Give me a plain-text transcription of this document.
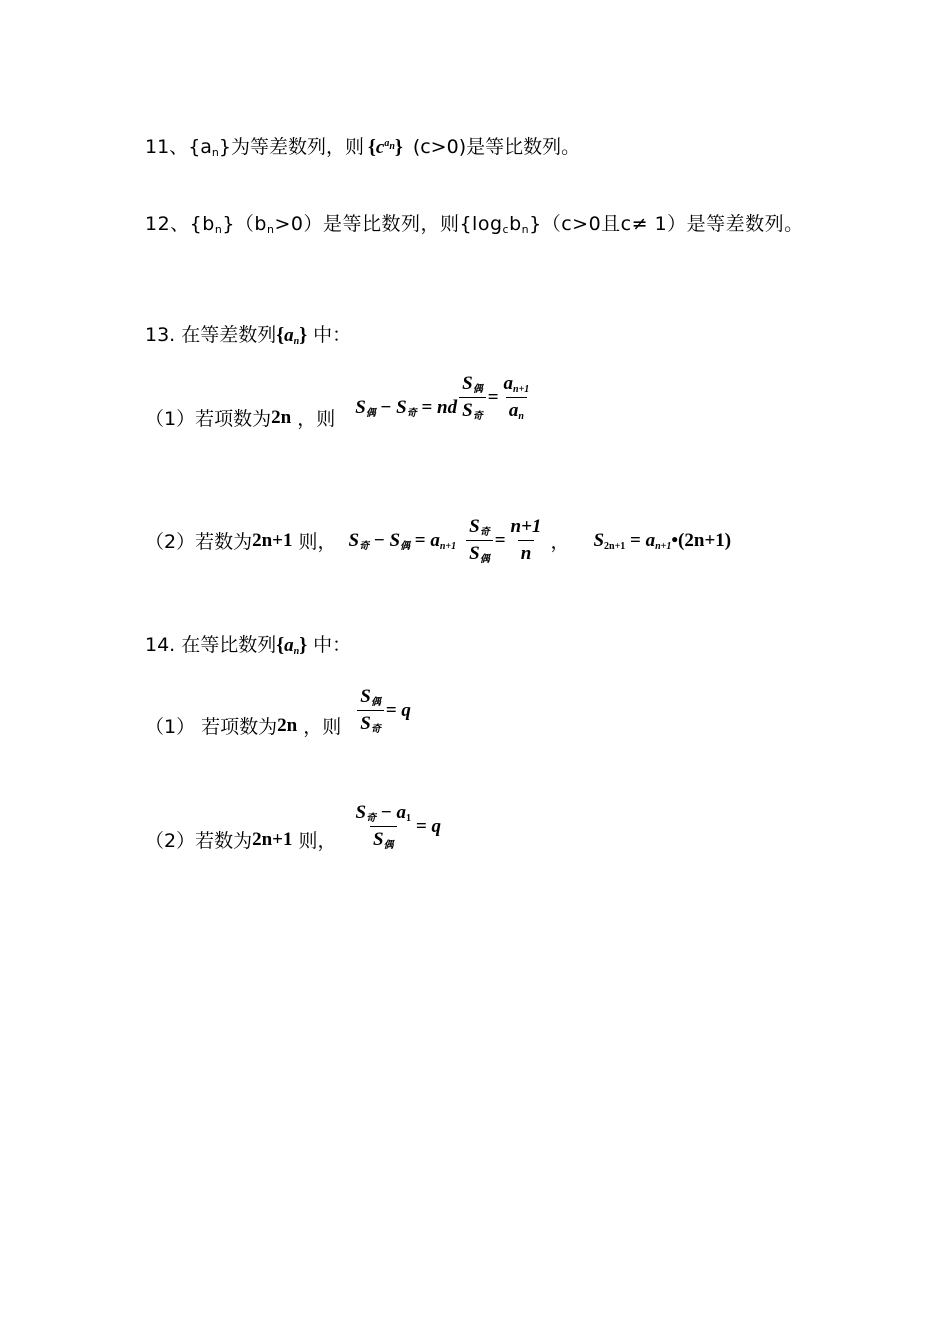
11、$\{a_n\}$为等差数列，则 $\{c^{a_n}\}$ (c>0)是等比数列。
12、$\{b_n\}(b_n>0)$是等比数列，则$\{\log_cb_n\}(c>0$且c≠ 1）是等差数列。
13. 在等差数列$\{a_n\}$ 中：
（1）若项数为2n ，则$S_偶 - S_奇$ = nd $\frac{S_偶}{S_奇} = \frac{a_{n+1}}{a_n}$
（2）若数为2n+1 则， $S_奇 - S_偶 = a_{n+1} \frac{S_奇}{S_偶} = \frac{n+1}{n}$ ， $S_{2n+1}$ = $a_{n+1}•(2n+1)$
14. 在等比数列$\{a_n\}$ 中：
（1） 若项数为2n ，则 $\frac{S_偶}{S_奇} = q$
（2）若数为2n+1 则， $\frac{S_奇 - a_1}{S_偶} = q$
